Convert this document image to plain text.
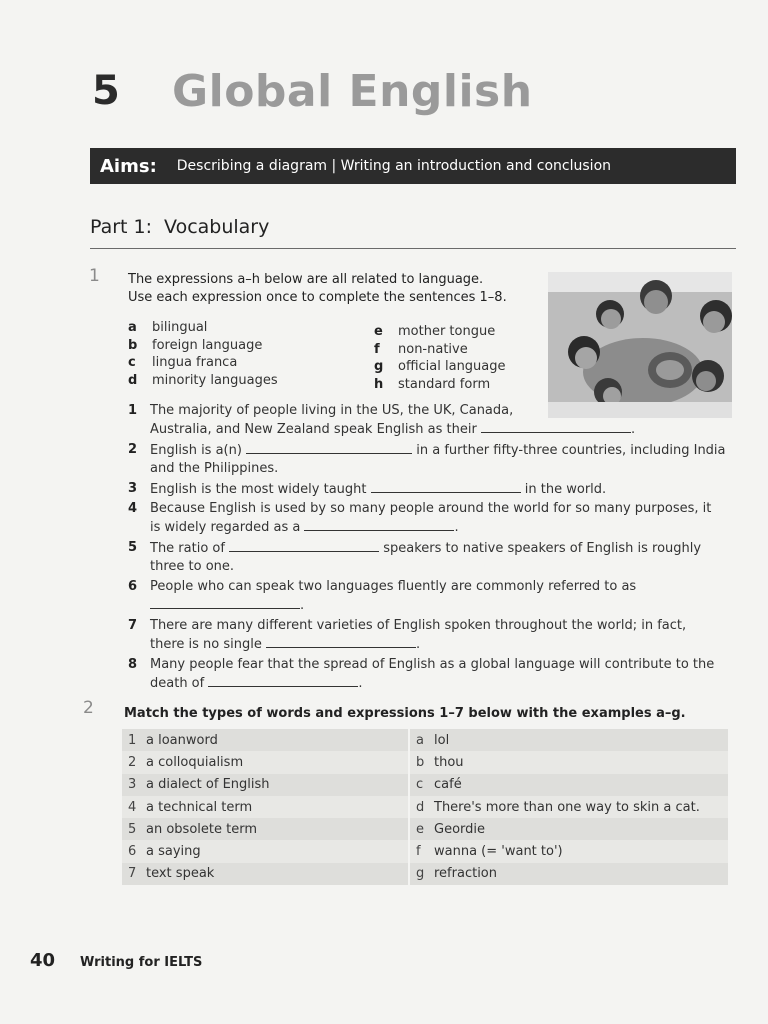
5 Global English
Aims: Describing a diagram | Writing an introduction and conclusion
Part 1: Vocabulary
1 The expressions a–h below are all related to language.
Use each expression once to complete the sentences 1–8.
a bilingual
b foreign language
c lingua franca
d minority languages
e mother tongue
f non-native
g official language
h standard form
1 The majority of people living in the US, the UK, Canada,
Australia, and New Zealand speak English as their	.
2 English is a(n)	in a further fifty-three countries, including India
and the Philippines.
3 English is the most widely taught	in the world.
4 Because English is used by so many people around the world for so many purposes, it
is widely regarded as a	.
5 The ratio of	speakers to native speakers of English is roughly
three to one.
6 People who can speak two languages fluently are commonly referred to as
.
7 There are many different varieties of English spoken throughout the world; in fact,
there is no single	.
8 Many people fear that the spread of English as a global language will contribute to the
death of	.
2 Match the types of words and expressions 1–7 below with the examples a–g.
1 a loanword	a lol
2 a colloquialism	b thou
3 a dialect of English	c café
4 a technical term	d There's more than one way to skin a cat.
5 an obsolete term	e Geordie
6 a saying	f	wanna (= 'want to')
7 text speak	g refraction
40 Writing for IELTS
